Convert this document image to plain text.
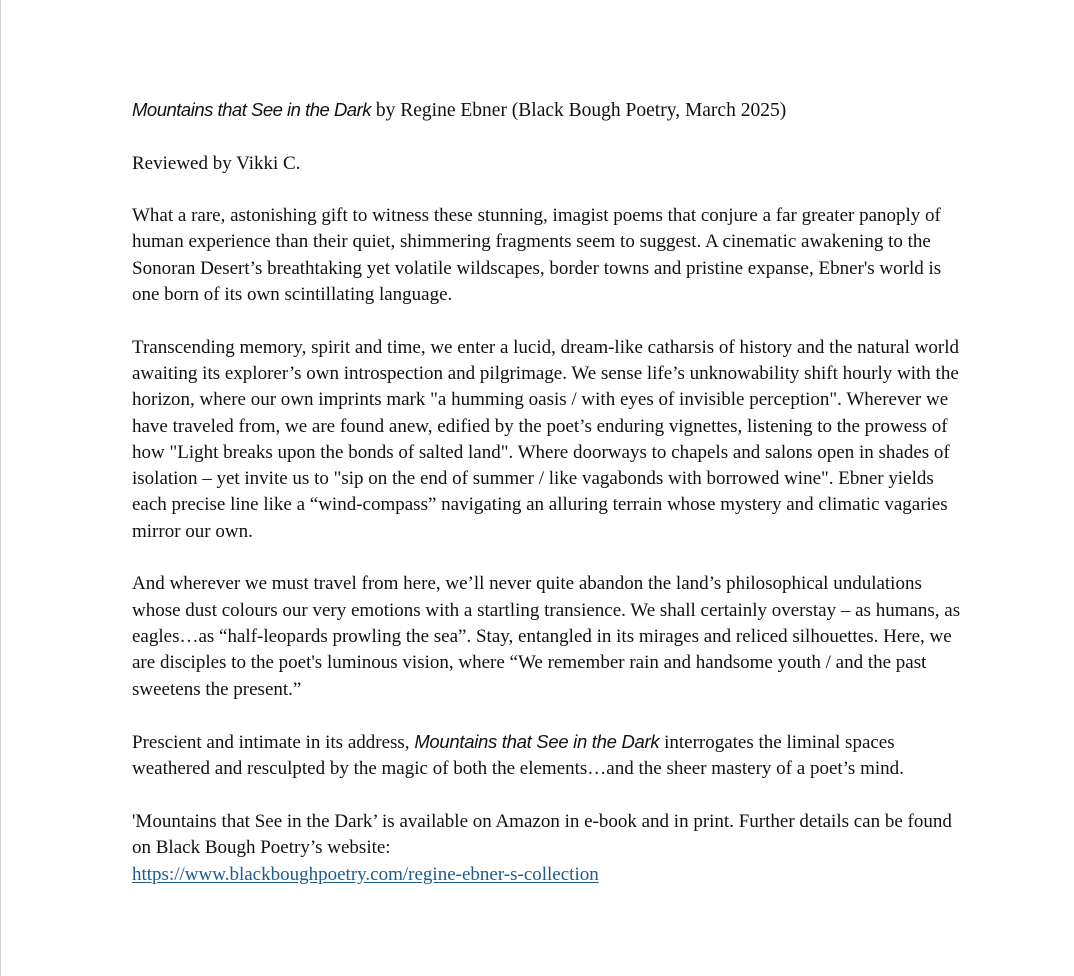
Mountains that See in the Dark by Regine Ebner (Black Bough Poetry, March 2025)

Reviewed by Vikki C.

What a rare, astonishing gift to witness these stunning, imagist poems that conjure a far greater panoply of human experience than their quiet, shimmering fragments seem to suggest. A cinematic awakening to the Sonoran Desert’s breathtaking yet volatile wildscapes, border towns and pristine expanse, Ebner's world is one born of its own scintillating language.

Transcending memory, spirit and time, we enter a lucid, dream-like catharsis of history and the natural world awaiting its explorer’s own introspection and pilgrimage. We sense life’s unknowability shift hourly with the horizon, where our own imprints mark "a humming oasis / with eyes of invisible perception". Wherever we have traveled from, we are found anew, edified by the poet’s enduring vignettes, listening to the prowess of how "Light breaks upon the bonds of salted land". Where doorways to chapels and salons open in shades of isolation – yet invite us to "sip on the end of summer / like vagabonds with borrowed wine". Ebner yields each precise line like a “wind-compass” navigating an alluring terrain whose mystery and climatic vagaries mirror our own.

And wherever we must travel from here, we’ll never quite abandon the land’s philosophical undulations whose dust colours our very emotions with a startling transience. We shall certainly overstay – as humans, as eagles…as “half-leopards prowling the sea”. Stay, entangled in its mirages and reliced silhouettes. Here, we are disciples to the poet's luminous vision, where “We remember rain and handsome youth / and the past sweetens the present.”

Prescient and intimate in its address, Mountains that See in the Dark interrogates the liminal spaces weathered and resculpted by the magic of both the elements…and the sheer mastery of a poet’s mind.

'Mountains that See in the Dark’ is available on Amazon in e-book and in print. Further details can be found on Black Bough Poetry’s website:
https://www.blackboughpoetry.com/regine-ebner-s-collection
